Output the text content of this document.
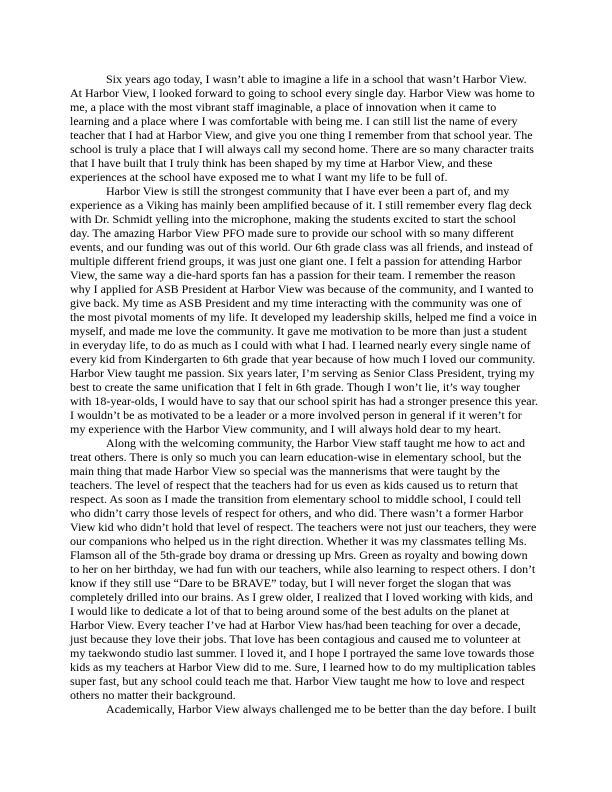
Six years ago today, I wasn’t able to imagine a life in a school that wasn’t Harbor View.
At Harbor View, I looked forward to going to school every single day. Harbor View was home to
me, a place with the most vibrant staff imaginable, a place of innovation when it came to
learning and a place where I was comfortable with being me. I can still list the name of every
teacher that I had at Harbor View, and give you one thing I remember from that school year. The
school is truly a place that I will always call my second home. There are so many character traits
that I have built that I truly think has been shaped by my time at Harbor View, and these
experiences at the school have exposed me to what I want my life to be full of.
Harbor View is still the strongest community that I have ever been a part of, and my
experience as a Viking has mainly been amplified because of it. I still remember every flag deck
with Dr. Schmidt yelling into the microphone, making the students excited to start the school
day. The amazing Harbor View PFO made sure to provide our school with so many different
events, and our funding was out of this world. Our 6th grade class was all friends, and instead of
multiple different friend groups, it was just one giant one. I felt a passion for attending Harbor
View, the same way a die-hard sports fan has a passion for their team. I remember the reason
why I applied for ASB President at Harbor View was because of the community, and I wanted to
give back. My time as ASB President and my time interacting with the community was one of
the most pivotal moments of my life. It developed my leadership skills, helped me find a voice in
myself, and made me love the community. It gave me motivation to be more than just a student
in everyday life, to do as much as I could with what I had. I learned nearly every single name of
every kid from Kindergarten to 6th grade that year because of how much I loved our community.
Harbor View taught me passion. Six years later, I’m serving as Senior Class President, trying my
best to create the same unification that I felt in 6th grade. Though I won’t lie, it’s way tougher
with 18-year-olds, I would have to say that our school spirit has had a stronger presence this year.
I wouldn’t be as motivated to be a leader or a more involved person in general if it weren’t for
my experience with the Harbor View community, and I will always hold dear to my heart.
Along with the welcoming community, the Harbor View staff taught me how to act and
treat others. There is only so much you can learn education-wise in elementary school, but the
main thing that made Harbor View so special was the mannerisms that were taught by the
teachers. The level of respect that the teachers had for us even as kids caused us to return that
respect. As soon as I made the transition from elementary school to middle school, I could tell
who didn’t carry those levels of respect for others, and who did. There wasn’t a former Harbor
View kid who didn’t hold that level of respect. The teachers were not just our teachers, they were
our companions who helped us in the right direction. Whether it was my classmates telling Ms.
Flamson all of the 5th-grade boy drama or dressing up Mrs. Green as royalty and bowing down
to her on her birthday, we had fun with our teachers, while also learning to respect others. I don’t
know if they still use “Dare to be BRAVE” today, but I will never forget the slogan that was
completely drilled into our brains. As I grew older, I realized that I loved working with kids, and
I would like to dedicate a lot of that to being around some of the best adults on the planet at
Harbor View. Every teacher I’ve had at Harbor View has/had been teaching for over a decade,
just because they love their jobs. That love has been contagious and caused me to volunteer at
my taekwondo studio last summer. I loved it, and I hope I portrayed the same love towards those
kids as my teachers at Harbor View did to me. Sure, I learned how to do my multiplication tables
super fast, but any school could teach me that. Harbor View taught me how to love and respect
others no matter their background.
Academically, Harbor View always challenged me to be better than the day before. I built
